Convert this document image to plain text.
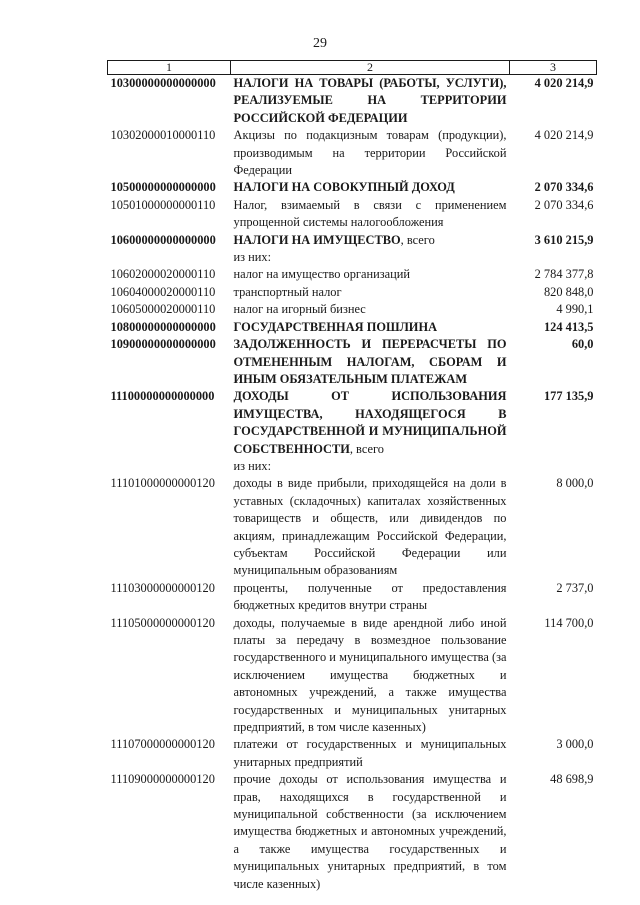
29
1	2	3
10300000000000000	НАЛОГИ НА ТОВАРЫ (РАБОТЫ, УСЛУГИ), РЕАЛИЗУЕМЫЕ НА ТЕРРИТОРИИ РОССИЙСКОЙ ФЕДЕРАЦИИ	4 020 214,9
10302000010000110	Акцизы по подакцизным товарам (продукции), производимым на территории Российской Федерации	4 020 214,9
10500000000000000	НАЛОГИ НА СОВОКУПНЫЙ ДОХОД	2 070 334,6
10501000000000110	Налог, взимаемый в связи с применением упрощенной системы налогообложения	2 070 334,6
10600000000000000	НАЛОГИ НА ИМУЩЕСТВО, всего	3 610 215,9
	из них:	
10602000020000110	налог на имущество организаций	2 784 377,8
10604000020000110	транспортный налог	820 848,0
10605000020000110	налог на игорный бизнес	4 990,1
10800000000000000	ГОСУДАРСТВЕННАЯ ПОШЛИНА	124 413,5
10900000000000000	ЗАДОЛЖЕННОСТЬ И ПЕРЕРАСЧЕТЫ ПО ОТМЕНЕННЫМ НАЛОГАМ, СБОРАМ И ИНЫМ ОБЯЗАТЕЛЬНЫМ ПЛАТЕЖАМ	60,0
11100000000000000	ДОХОДЫ ОТ ИСПОЛЬЗОВАНИЯ ИМУЩЕСТВА, НАХОДЯЩЕГОСЯ В ГОСУДАРСТВЕННОЙ И МУНИЦИПАЛЬНОЙ СОБСТВЕННОСТИ, всего	177 135,9
	из них:	
11101000000000120	доходы в виде прибыли, приходящейся на доли в уставных (складочных) капиталах хозяйственных товариществ и обществ, или дивидендов по акциям, принадлежащим Российской Федерации, субъектам Российской Федерации или муниципальным образованиям	8 000,0
11103000000000120	проценты, полученные от предоставления бюджетных кредитов внутри страны	2 737,0
11105000000000120	доходы, получаемые в виде арендной либо иной платы за передачу в возмездное пользование государственного и муниципального имущества (за исключением имущества бюджетных и автономных учреждений, а также имущества государственных и муниципальных унитарных предприятий, в том числе казенных)	114 700,0
11107000000000120	платежи от государственных и муниципальных унитарных предприятий	3 000,0
11109000000000120	прочие доходы от использования имущества и прав, находящихся в государственной и муниципальной собственности (за исключением имущества бюджетных и автономных учреждений, а также имущества государственных и муниципальных унитарных предприятий, в том числе казенных)	48 698,9
